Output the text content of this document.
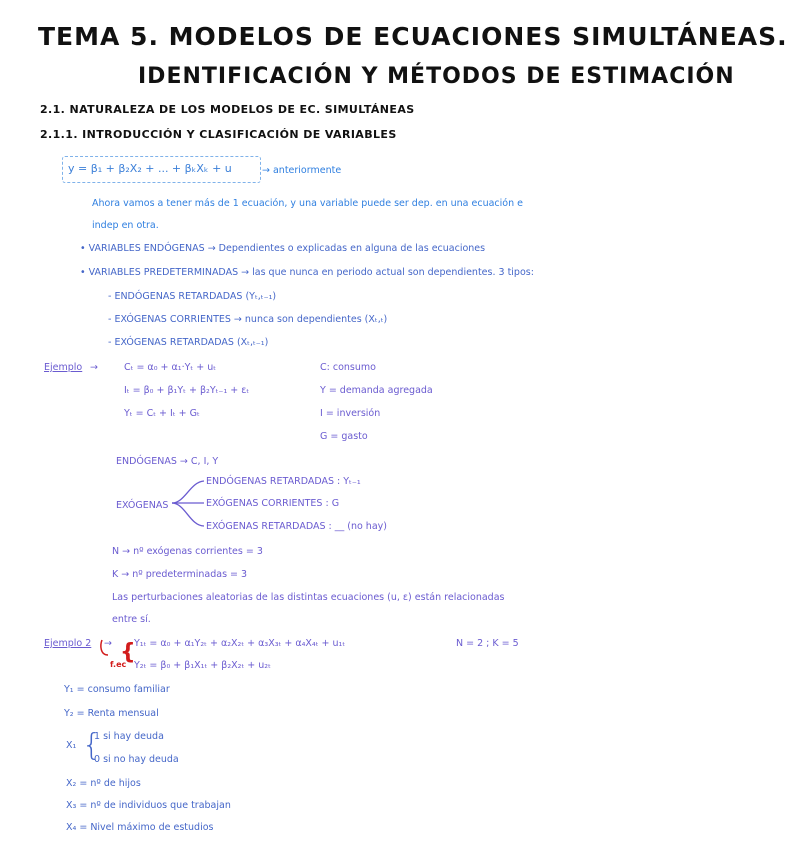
TEMA 5. MODELOS DE ECUACIONES SIMULTÁNEAS.
IDENTIFICACIÓN Y MÉTODOS DE ESTIMACIÓN
2.1. NATURALEZA DE LOS MODELOS DE EC. SIMULTÁNEAS
2.1.1. INTRODUCCIÓN Y CLASIFICACIÓN DE VARIABLES
y = β₁ + β₂X₂ + ... + βₖXₖ + u	→ anteriormente
Ahora vamos a tener más de 1 ecuación, y una variable puede ser dep. en una ecuación e
indep en otra.
• VARIABLES ENDÓGENAS → Dependientes o explicadas en alguna de las ecuaciones
• VARIABLES PREDETERMINADAS → las que nunca en periodo actual son dependientes. 3 tipos:
- ENDÓGENAS RETARDADAS (Yₜ,ₜ₋₁)
- EXÓGENAS CORRIENTES → nunca son dependientes (Xₜ,ₜ)
- EXÓGENAS RETARDADAS (Xₜ,ₜ₋₁)
Ejemplo →	Cₜ = α₀ + α₁·Yₜ + uₜ
Iₜ = β₀ + β₁Yₜ + β₂Yₜ₋₁ + εₜ
Yₜ = Cₜ + Iₜ + Gₜ
C: consumo
Y = demanda agregada
I = inversión
G = gasto
ENDÓGENAS → C, I, Y
EXÓGENAS
ENDÓGENAS RETARDADAS : Yₜ₋₁
EXÓGENAS CORRIENTES : G
EXÓGENAS RETARDADAS : __ (no hay)
N → nº exógenas corrientes = 3
K → nº predeterminadas = 3
Las perturbaciones aleatorias de las distintas ecuaciones (u, ε) están relacionadas
entre sí.
Ejemplo 2 → {
Y₁ₜ = α₀ + α₁Y₂ₜ + α₂X₂ₜ + α₃X₃ₜ + α₄X₄ₜ + u₁ₜ
Y₂ₜ = β₀ + β₁X₁ₜ + β₂X₂ₜ + u₂ₜ
N = 2 ; K = 5
f.ec
Y₁ = consumo familiar
Y₂ = Renta mensual
X₁ {
1 si hay deuda
0 si no hay deuda
X₂ = nº de hijos
X₃ = nº de individuos que trabajan
X₄ = Nivel máximo de estudios
